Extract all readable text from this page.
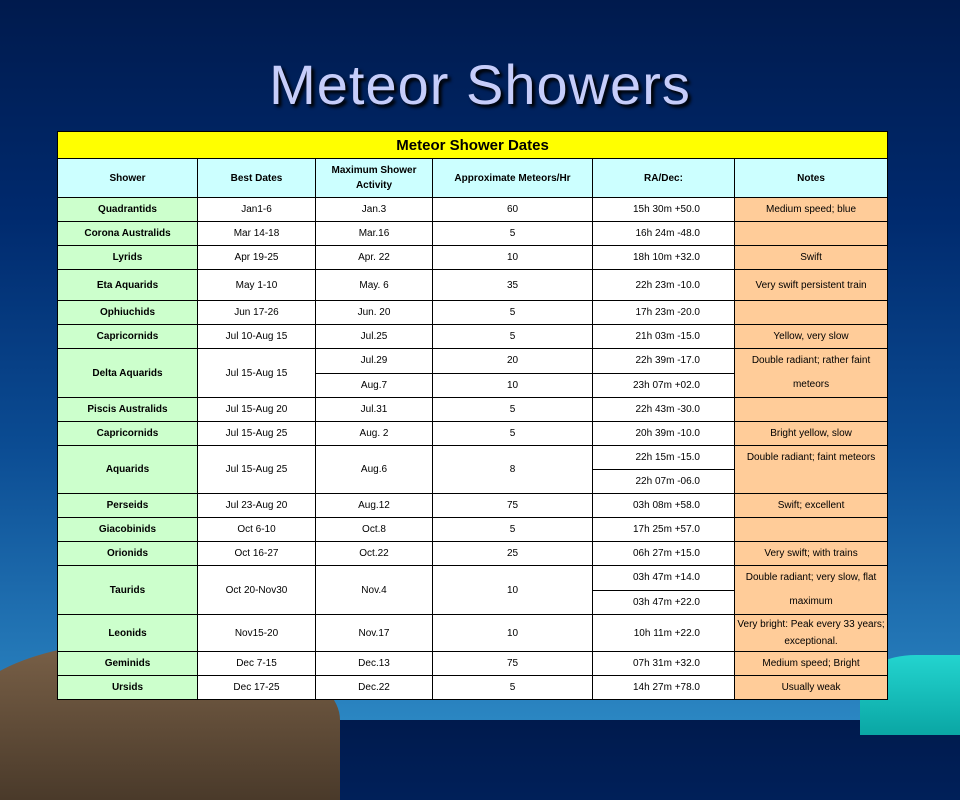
Meteor Showers
Meteor Shower Dates					
Shower	Best Dates	Maximum Shower Activity	Approximate Meteors/Hr	RA/Dec:	Notes
Quadrantids	Jan1-6	Jan.3	60	15h 30m +50.0	Medium speed; blue
Corona Australids	Mar 14-18	Mar.16	5	16h 24m -48.0	
Lyrids	Apr 19-25	Apr. 22	10	18h 10m +32.0	Swift
Eta Aquarids	May 1-10	May. 6	35	22h 23m -10.0	Very swift persistent train
Ophiuchids	Jun 17-26	Jun. 20	5	17h 23m -20.0	
Capricornids	Jul 10-Aug 15	Jul.25	5	21h 03m -15.0	Yellow, very slow
Delta Aquarids	Jul 15-Aug 15	Jul.29	20	22h 39m -17.0	Double radiant; rather faint meteors
		Aug.7	10	23h 07m +02.0	
Piscis Australids	Jul 15-Aug 20	Jul.31	5	22h 43m -30.0	
Capricornids	Jul 15-Aug 25	Aug. 2	5	20h 39m -10.0	Bright yellow, slow
Aquarids	Jul 15-Aug 25	Aug.6	8	22h 15m -15.0	Double radiant; faint meteors
				22h 07m -06.0	
Perseids	Jul 23-Aug 20	Aug.12	75	03h 08m +58.0	Swift; excellent
Giacobinids	Oct 6-10	Oct.8	5	17h 25m +57.0	
Orionids	Oct 16-27	Oct.22	25	06h 27m +15.0	Very swift; with trains
Taurids	Oct 20-Nov30	Nov.4	10	03h 47m +14.0	Double radiant; very slow, flat maximum
				03h 47m +22.0	
Leonids	Nov15-20	Nov.17	10	10h 11m +22.0	Very bright: Peak every 33 years; exceptional.
Geminids	Dec 7-15	Dec.13	75	07h 31m +32.0	Medium speed; Bright
Ursids	Dec 17-25	Dec.22	5	14h 27m +78.0	Usually weak
